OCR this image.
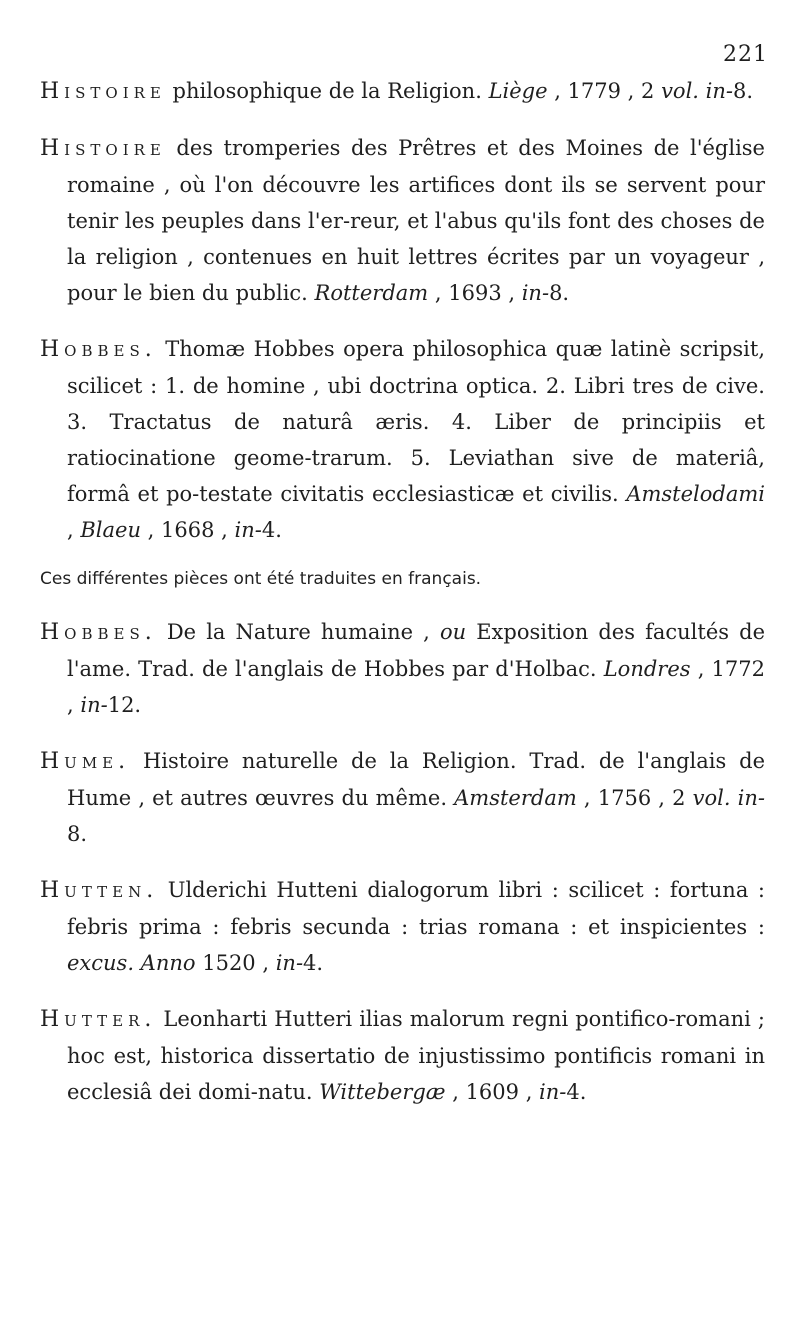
221

Histoire philosophique de la Religion. Liège , 1779 , 2 vol. in-8.

Histoire des tromperies des Prêtres et des Moines de l'église romaine , où l'on découvre les artifices dont ils se servent pour tenir les peuples dans l'er-reur, et l'abus qu'ils font des choses de la religion , contenues en huit lettres écrites par un voyageur , pour le bien du public. Rotterdam , 1693 , in-8.

Hobbes. Thomæ Hobbes opera philosophica quæ latinè scripsit, scilicet : 1. de homine , ubi doctrina optica. 2. Libri tres de cive. 3. Tractatus de naturâ æris. 4. Liber de principiis et ratiocinatione geome-trarum. 5. Leviathan sive de materiâ, formâ et po-testate civitatis ecclesiasticæ et civilis. Amstelodami , Blaeu , 1668 , in-4.

Ces différentes pièces ont été traduites en français.

Hobbes. De la Nature humaine , ou Exposition des facultés de l'ame. Trad. de l'anglais de Hobbes par d'Holbac. Londres , 1772 , in-12.

Hume. Histoire naturelle de la Religion. Trad. de l'anglais de Hume , et autres œuvres du même. Amsterdam , 1756 , 2 vol. in-8.

Hutten. Ulderichi Hutteni dialogorum libri : scilicet : fortuna : febris prima : febris secunda : trias romana : et inspicientes : excus. Anno 1520 , in-4.

Hutter. Leonharti Hutteri ilias malorum regni pontifico-romani ; hoc est, historica dissertatio de injustissimo pontificis romani in ecclesiâ dei domi-natu. Wittebergæ , 1609 , in-4.
